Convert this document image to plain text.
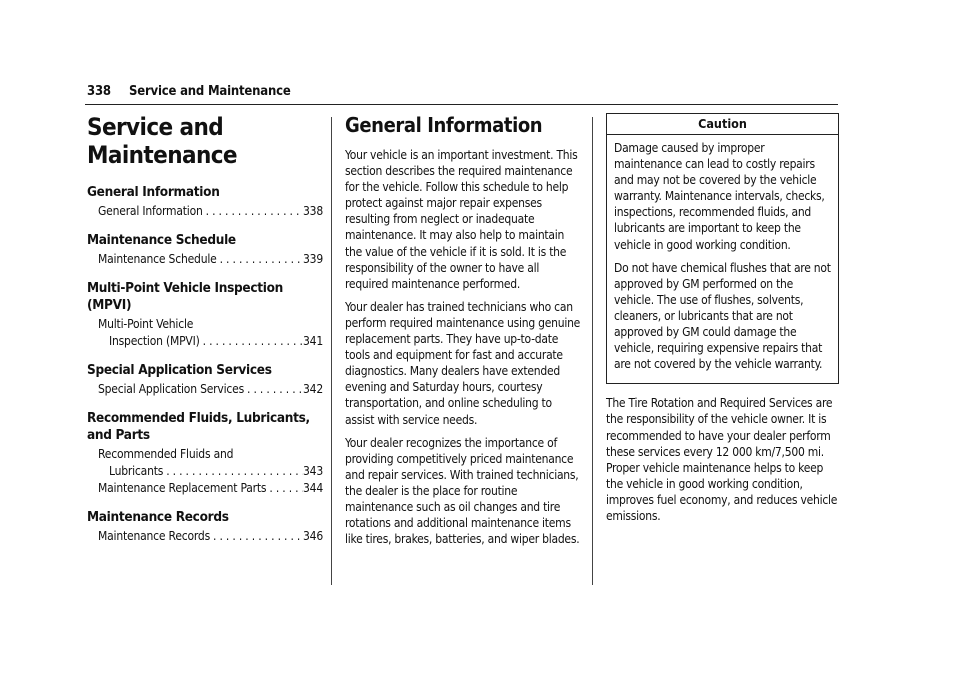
338 Service and Maintenance
Service and Maintenance
General Information
General Information . . .	338
Maintenance Schedule
Maintenance Schedule . . .	339
Multi-Point Vehicle Inspection (MPVI)
Multi-Point Vehicle
Inspection (MPVI) . . .	341
Special Application Services
Special Application Services . . .	342
Recommended Fluids, Lubricants, and Parts
Recommended Fluids and
Lubricants . . .	343
Maintenance Replacement Parts . . .	344
Maintenance Records
Maintenance Records . . .	346
General Information

Your vehicle is an important investment. This section describes the required maintenance for the vehicle. Follow this schedule to help protect against major repair expenses resulting from neglect or inadequate maintenance. It may also help to maintain the value of the vehicle if it is sold. It is the responsibility of the owner to have all required maintenance performed.

Your dealer has trained technicians who can perform required maintenance using genuine replacement parts. They have up-to-date tools and equipment for fast and accurate diagnostics. Many dealers have extended evening and Saturday hours, courtesy transportation, and online scheduling to assist with service needs.

Your dealer recognizes the importance of providing competitively priced maintenance and repair services. With trained technicians, the dealer is the place for routine maintenance such as oil changes and tire rotations and additional maintenance items like tires, brakes, batteries, and wiper blades.

Caution

Damage caused by improper maintenance can lead to costly repairs and may not be covered by the vehicle warranty. Maintenance intervals, checks, inspections, recommended fluids, and lubricants are important to keep the vehicle in good working condition.

Do not have chemical flushes that are not approved by GM performed on the vehicle. The use of flushes, solvents, cleaners, or lubricants that are not approved by GM could damage the vehicle, requiring expensive repairs that are not covered by the vehicle warranty.

The Tire Rotation and Required Services are the responsibility of the vehicle owner. It is recommended to have your dealer perform these services every 12 000 km/7,500 mi. Proper vehicle maintenance helps to keep the vehicle in good working condition, improves fuel economy, and reduces vehicle emissions.
